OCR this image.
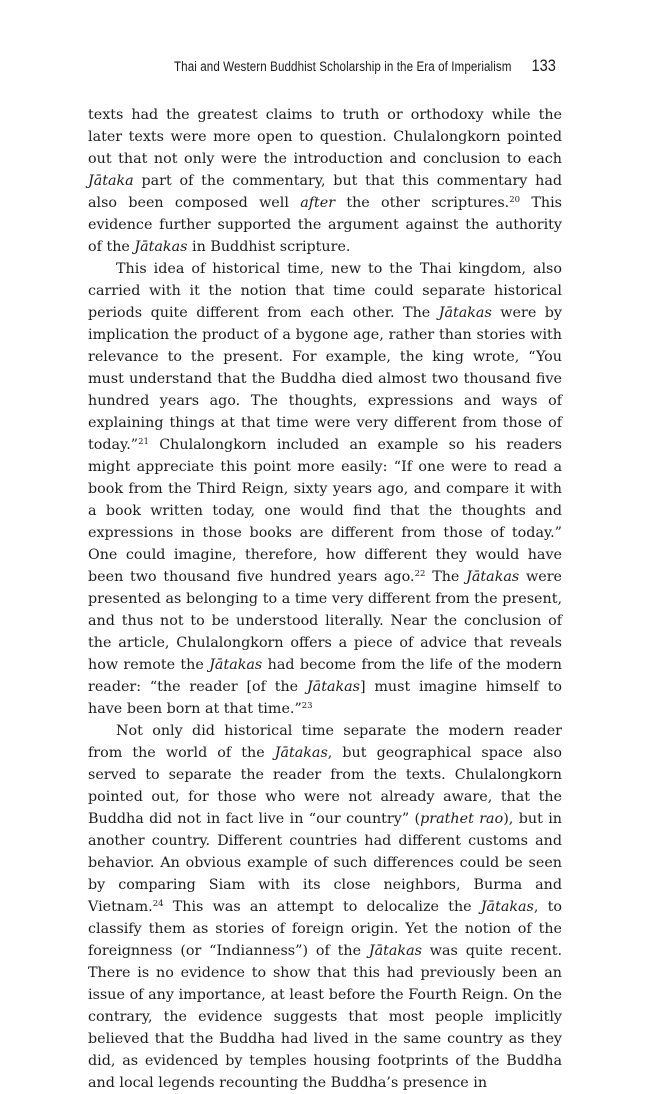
Thai and Western Buddhist Scholarship in the Era of Imperialism 133

texts had the greatest claims to truth or orthodoxy while the later texts were more open to question. Chulalongkorn pointed out that not only were the introduction and conclusion to each Jātaka part of the commentary, but that this commentary had also been composed well after the other scriptures.$^{20}$ This evidence further supported the argument against the authority of the Jātakas in Buddhist scripture.

This idea of historical time, new to the Thai kingdom, also carried with it the notion that time could separate historical periods quite different from each other. The Jātakas were by implication the product of a bygone age, rather than stories with relevance to the present. For example, the king wrote, “You must understand that the Buddha died almost two thousand five hundred years ago. The thoughts, expressions and ways of explaining things at that time were very different from those of today.”$^{21}$ Chulalongkorn included an example so his readers might appreciate this point more easily: “If one were to read a book from the Third Reign, sixty years ago, and compare it with a book written today, one would find that the thoughts and expressions in those books are different from those of today.” One could imagine, therefore, how different they would have been two thousand five hundred years ago.$^{22}$ The Jātakas were presented as belonging to a time very different from the present, and thus not to be understood literally. Near the conclusion of the article, Chulalongkorn offers a piece of advice that reveals how remote the Jātakas had become from the life of the modern reader: “the reader [of the Jātakas] must imagine himself to have been born at that time.”$^{23}$

Not only did historical time separate the modern reader from the world of the Jātakas, but geographical space also served to separate the reader from the texts. Chulalongkorn pointed out, for those who were not already aware, that the Buddha did not in fact live in “our country” (prathet rao), but in another country. Different countries had different customs and behavior. An obvious example of such differences could be seen by comparing Siam with its close neighbors, Burma and Vietnam.$^{24}$ This was an attempt to delocalize the Jātakas, to classify them as stories of foreign origin. Yet the notion of the foreignness (or “Indianness”) of the Jātakas was quite recent. There is no evidence to show that this had previously been an issue of any importance, at least before the Fourth Reign. On the contrary, the evidence suggests that most people implicitly believed that the Buddha had lived in the same country as they did, as evidenced by temples housing footprints of the Buddha and local legends recounting the Buddha’s presence in
